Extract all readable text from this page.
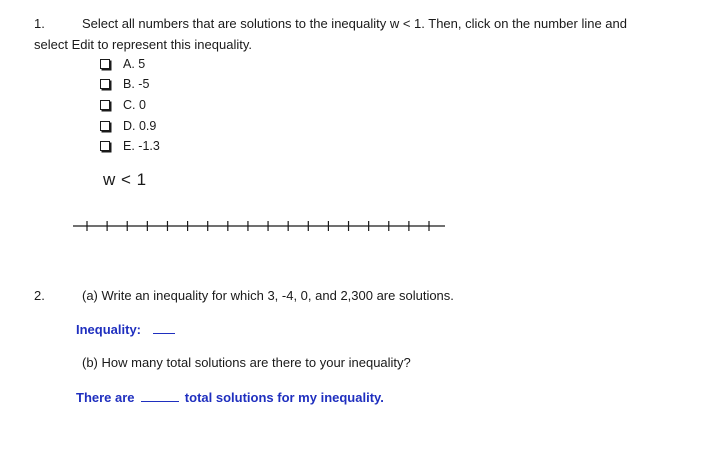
1.	Select all numbers that are solutions to the inequality w < 1. Then, click on the number line and
select Edit to represent this inequality.
A. 5
B. -5
C. 0
D. 0.9
E. -1.3
w < 1
2.	(a) Write an inequality for which 3, -4, 0, and 2,300 are solutions.
Inequality:
(b) How many total solutions are there to your inequality?
There are	total solutions for my inequality.
